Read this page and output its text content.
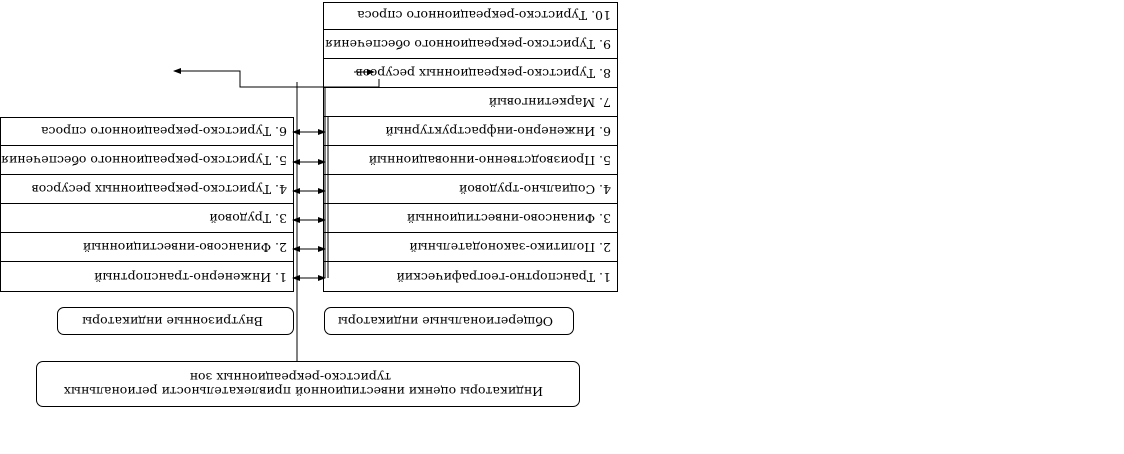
Индикаторы оценки инвестиционной привлекательности региональных
туристско-рекреационных зон
Общерегиональные индикаторы
Внутризонные индикаторы
1. Транспортно-географический
2. Политико-законодательный
3. Финансово-инвестиционный
4. Социально-трудовой
5. Производственно-инновационный
6. Инженерно-инфраструктурный
7. Маркетинговый
8. Туристско-рекреационных ресурсов
9. Туристско-рекреационного обеспечения
10. Туристско-рекреационного спроса
1. Инженерно-транспортный
2. Финансово-инвестиционный
3. Трудовой
4. Туристско-рекреационных ресурсов
5. Туристско-рекреационного обеспечения
6. Туристско-рекреационного спроса
